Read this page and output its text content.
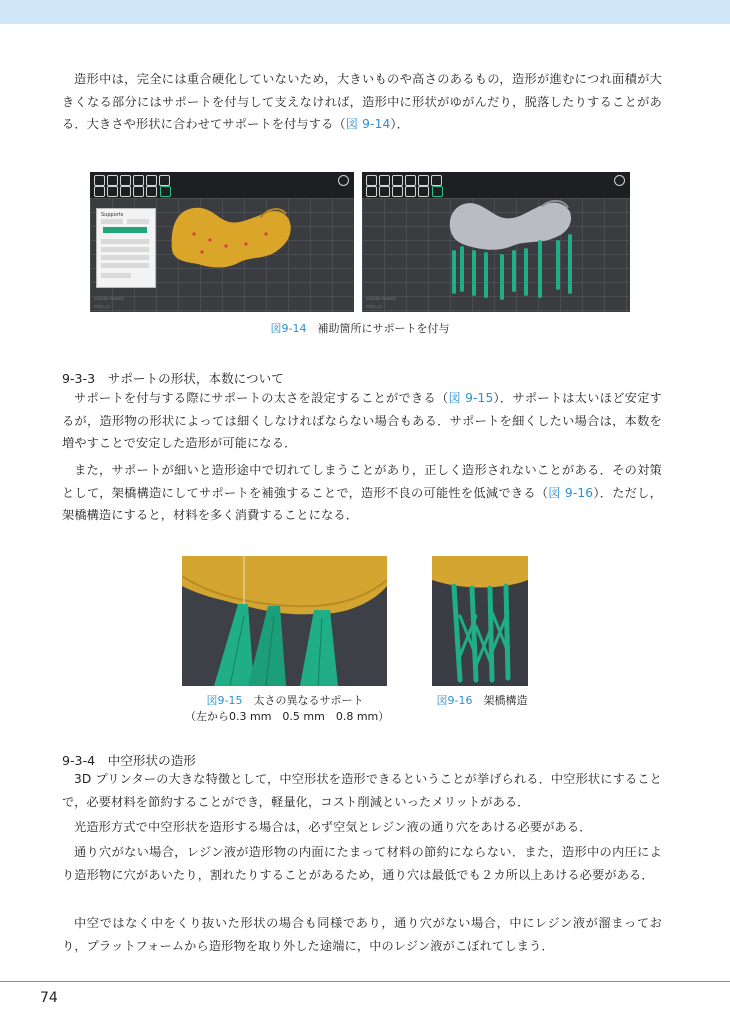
造形中は，完全には重合硬化していないため，大きいものや高さのあるもの，造形が進むにつれ面積が大きくなる部分にはサポートを付与して支えなければ，造形中に形状がゆがんだり，脱落したりすることがある．大きさや形状に合わせてサポートを付与する（図 9-14）．

Supports
▭▭▭ ▭▭▭
▭▭ ▭
▭▭▭ ▭▭▭
▭▭ ▭
図9-14　 補助箇所にサポートを付与
9-3-3　サポートの形状，本数について

サポートを付与する際にサポートの太さを設定することができる（図 9-15）．サポートは太いほど安定するが，造形物の形状によっては細くしなければならない場合もある．サポートを細くしたい場合は，本数を増やすことで安定した造形が可能になる．

また，サポートが細いと造形途中で切れてしまうことがあり，正しく造形されないことがある．その対策として，架橋構造にしてサポートを補強することで，造形不良の可能性を低減できる（図 9-16）．ただし，架橋構造にすると，材料を多く消費することになる．

図9-15　 太さの異なるサポート
（左から0.3 mm　0.5 mm　0.8 mm）
図9-16　 架橋構造
9-3-4　中空形状の造形

3D プリンターの大きな特徴として，中空形状を造形できるということが挙げられる．中空形状にすることで，必要材料を節約することができ，軽量化，コスト削減といったメリットがある．

光造形方式で中空形状を造形する場合は，必ず空気とレジン液の通り穴をあける必要がある．

通り穴がない場合，レジン液が造形物の内面にたまって材料の節約にならない．また，造形中の内圧により造形物に穴があいたり，割れたりすることがあるため，通り穴は最低でも２カ所以上あける必要がある．

中空ではなく中をくり抜いた形状の場合も同様であり，通り穴がない場合，中にレジン液が溜まっており，プラットフォームから造形物を取り外した途端に，中のレジン液がこぼれてしまう．

74
